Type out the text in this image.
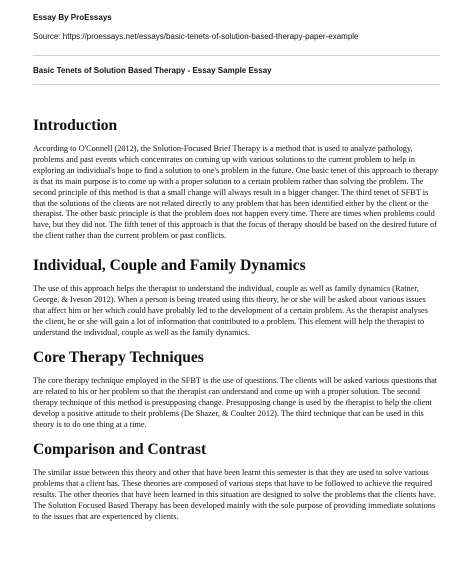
Essay By ProEssays

Source: https://proessays.net/essays/basic-tenets-of-solution-based-therapy-paper-example

Basic Tenets of Solution Based Therapy - Essay Sample Essay

Introduction

According to O'Connell (2012), the Solution-Focused Brief Therapy is a method that is used to analyze pathology, problems and past events which concentrates on coming up with various solutions to the current problem to help in exploring an individual's hope to find a solution to one's problem in the future. One basic tenet of this approach to therapy is that its main purpose is to come up with a proper solution to a certain problem rather than solving the problem. The second principle of this method is that a small change will always result in a bigger changer. The third tenet of SFBT is that the solutions of the clients are not related directly to any problem that has been identified either by the client or the therapist. The other basic principle is that the problem does not happen every time. There are times when problems could have, but they did not. The fifth tenet of this approach is that the focus of therapy should be based on the desired future of the client rather than the current problem or past conflicts.

Individual, Couple and Family Dynamics

The use of this approach helps the therapist to understand the individual, couple as well as family dynamics (Ratner, George, & Iveson 2012). When a person is being treated using this theory, he or she will be asked about various issues that affect him or her which could have probably led to the development of a certain problem. As the therapist analyses the client, he or she will gain a lot of information that contributed to a problem. This element will help the therapist to understand the individual, couple as well as the family dynamics.

Core Therapy Techniques

The core therapy technique employed in the SFBT is the use of questions. The clients will be asked various questions that are related to his or her problem so that the therapist can understand and come up with a proper solution. The second therapy technique of this method is presupposing change. Presupposing change is used by the therapist to help the client develop a positive attitude to their problems (De Shazer, & Coulter 2012). The third technique that can be used in this theory is to do one thing at a time.

Comparison and Contrast

The similar issue between this theory and other that have been learnt this semester is that they are used to solve various problems that a client has. These theories are composed of various steps that have to be followed to achieve the required results. The other theories that have been learned in this situation are designed to solve the problems that the clients have. The Solution Focused Based Therapy has been developed mainly with the sole purpose of providing immediate solutions to the issues that are experienced by clients.
